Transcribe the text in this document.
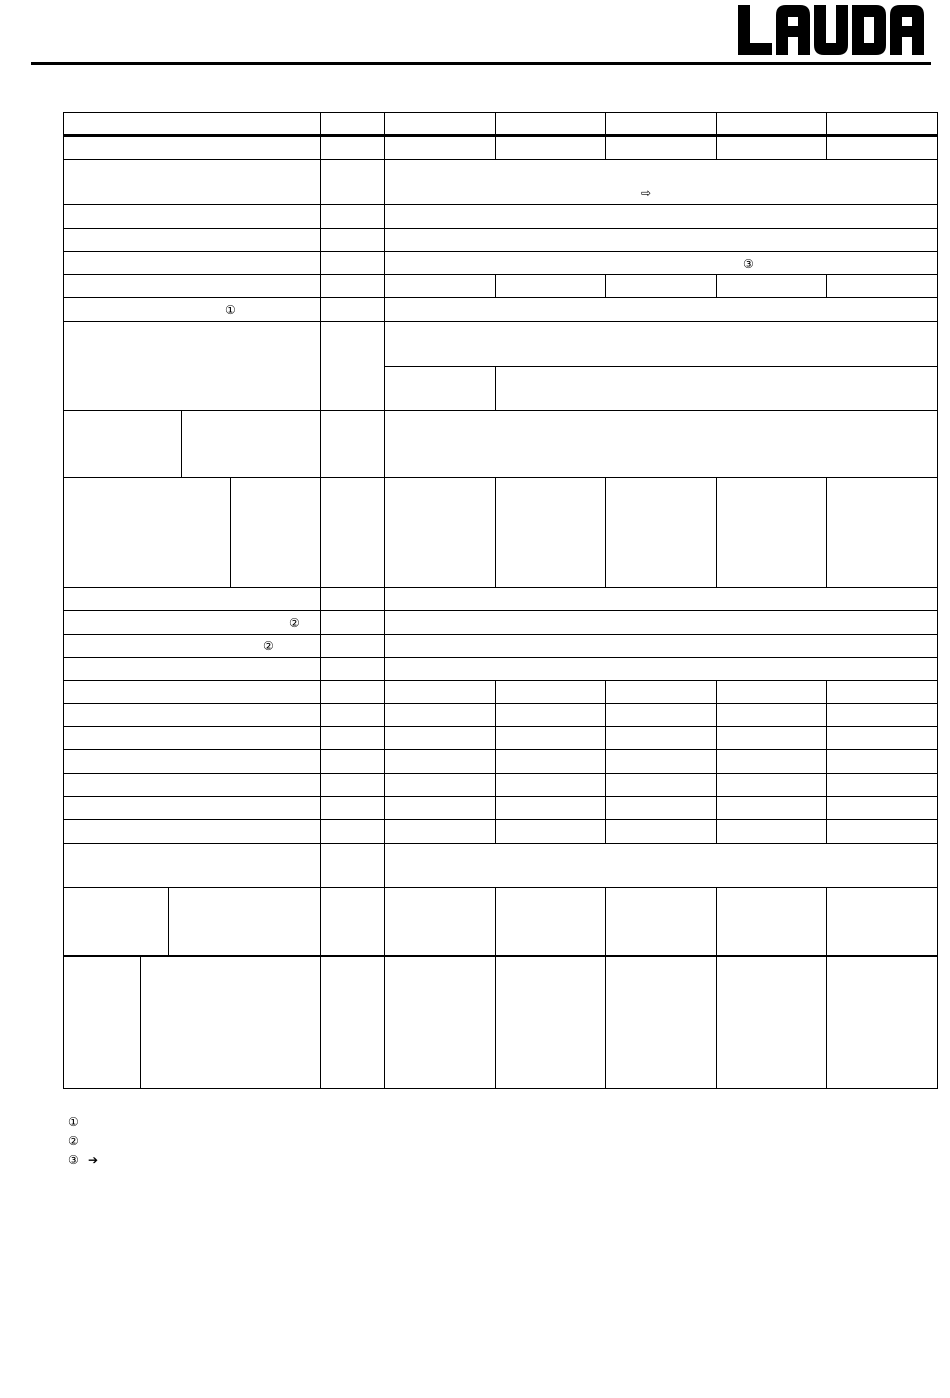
⇨
③
①
②
②
①
②
③ ➔
